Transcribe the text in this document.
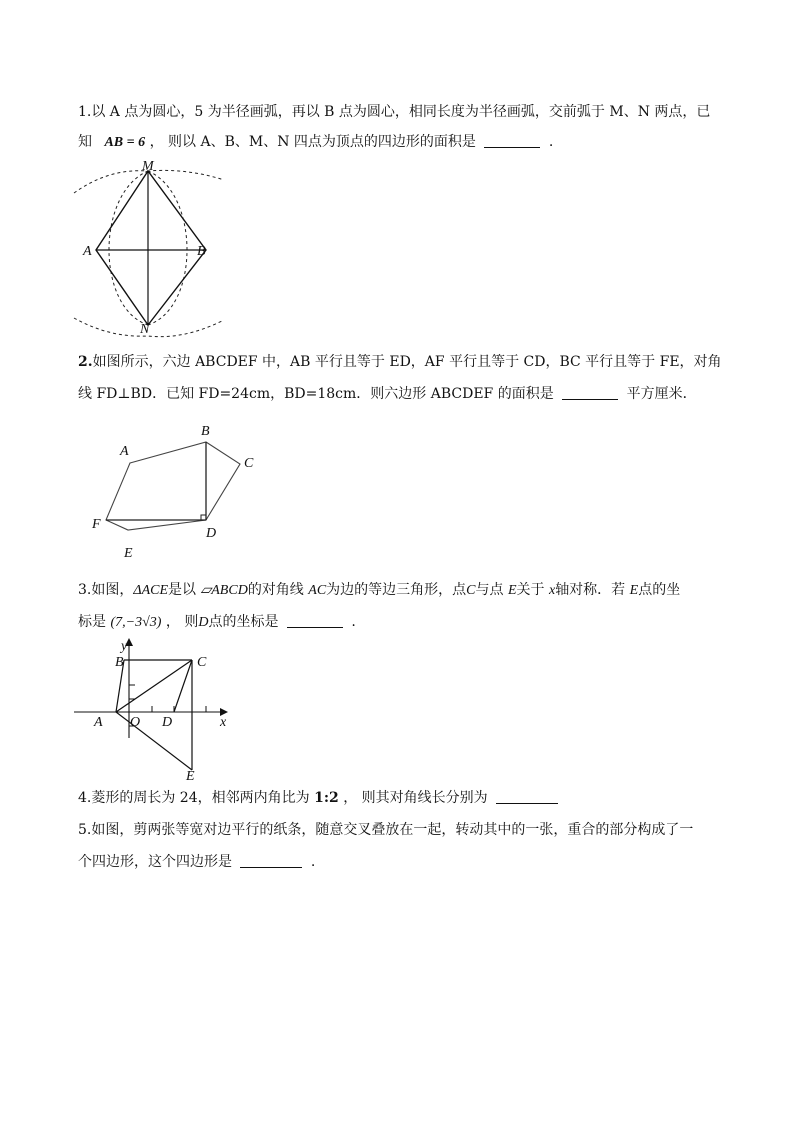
1.以 A 点为圆心，5 为半径画弧，再以 B 点为圆心，相同长度为半径画弧，交前弧于 M、N 两点，已
知 AB = 6 ， 则以 A、B、M、N 四点为顶点的四边形的面积是	.
M
A	B
N
2.如图所示，六边 ABCDEF 中，AB 平行且等于 ED，AF 平行且等于 CD，BC 平行且等于 FE，对角
线 FD⊥BD．已知 FD=24cm，BD=18cm．则六边形 ABCDEF 的面积是	平方厘米．
A
B
C
D
E
F
3.如图，ΔACE是以 ▱ABCD的对角线 AC为边的等边三角形，点C与点 E关于 x轴对称．若 E点的坐
标是 (7,−3√3) ， 则D点的坐标是	.
y
x
B	C
A O D
E
4.菱形的周长为 24，相邻两内角比为 1:2 ， 则其对角线长分别为
5.如图，剪两张等宽对边平行的纸条，随意交叉叠放在一起，转动其中的一张，重合的部分构成了一
个四边形，这个四边形是	.
